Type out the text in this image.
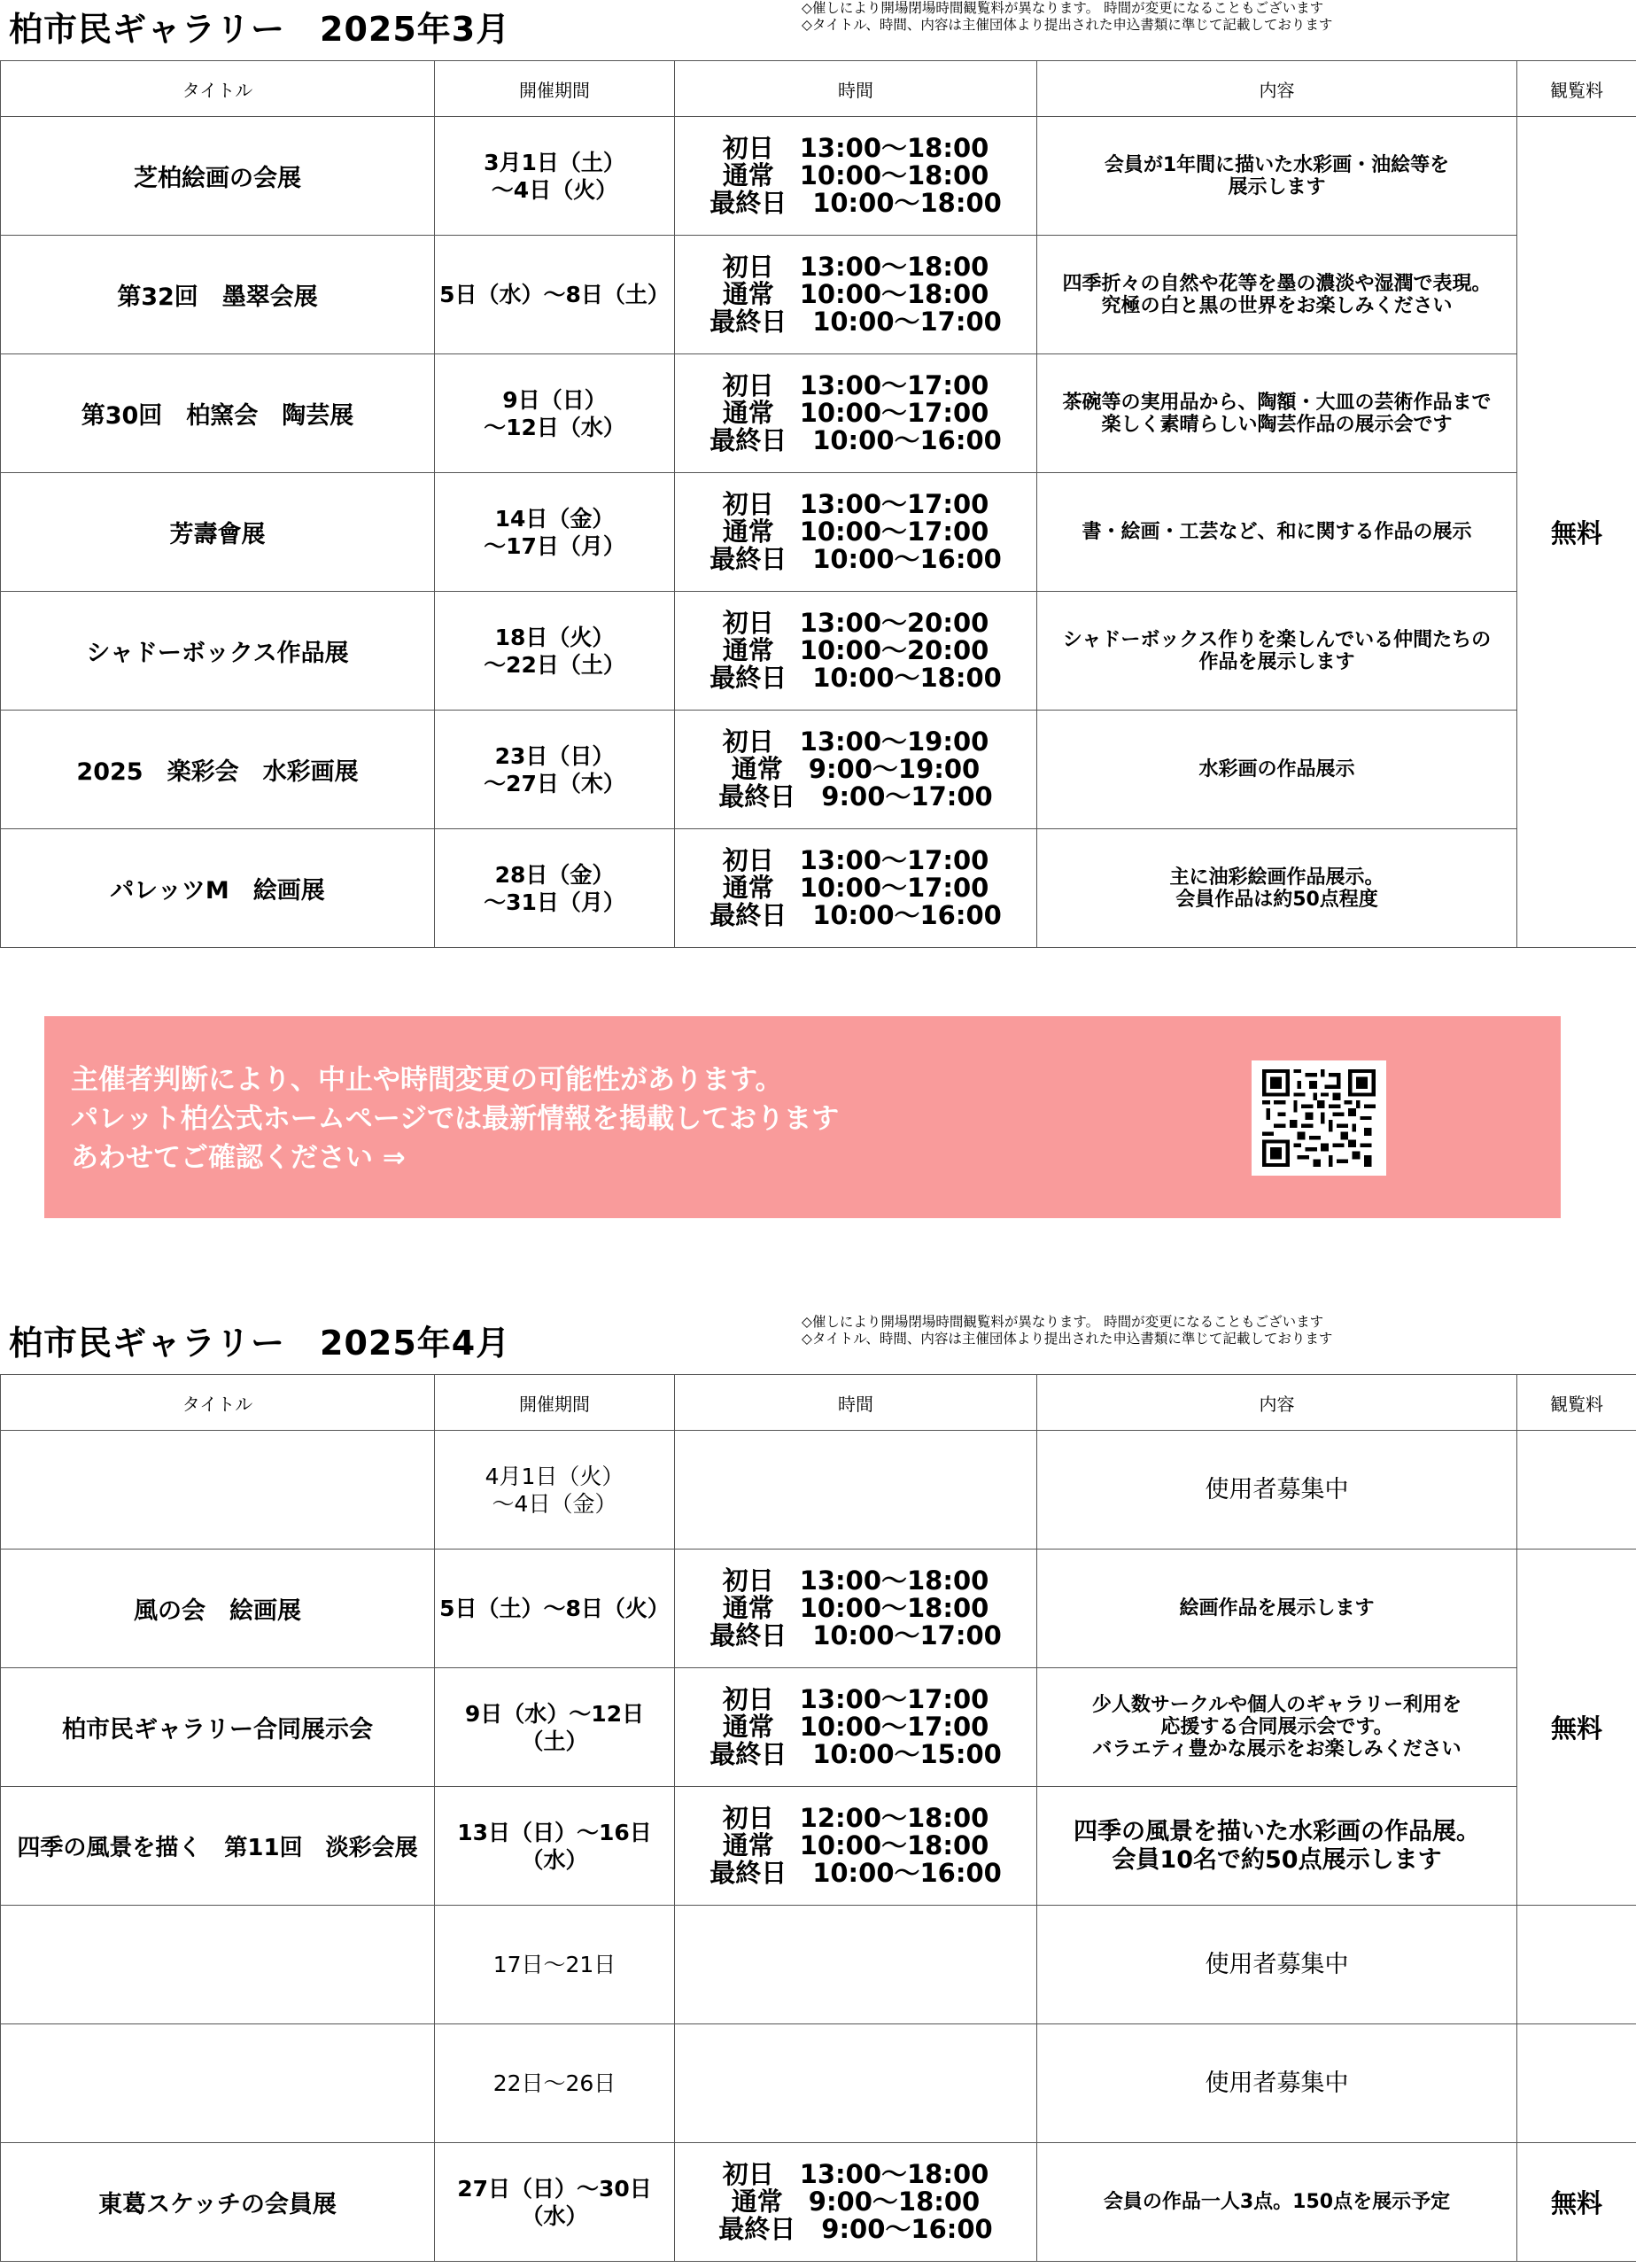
柏市民ギャラリー　2025年3月
◇催しにより開場閉場時間観覧料が異なります。 時間が変更になることもございます
◇タイトル、時間、内容は主催団体より提出された申込書類に準じて記載しております
タイトル	開催期間	時間	内容	観覧料
芝柏絵画の会展	3月1日（土）
～4日（火）	初日　13:00～18:00
通常　10:00～18:00
最終日　10:00～18:00	会員が1年間に描いた水彩画・油絵等を
展示します	無料
第32回　墨翠会展	5日（水）～8日（土）	初日　13:00～18:00
通常　10:00～18:00
最終日　10:00～17:00	四季折々の自然や花等を墨の濃淡や湿潤で表現。
究極の白と黒の世界をお楽しみください	

第30回　柏窯会　陶芸展	9日（日）
～12日（水）	初日　13:00～17:00
通常　10:00～17:00
最終日　10:00～16:00	茶碗等の実用品から、陶額・大皿の芸術作品まで
楽しく素晴らしい陶芸作品の展示会です	

芳壽會展	14日（金）
～17日（月）	初日　13:00～17:00
通常　10:00～17:00
最終日　10:00～16:00	書・絵画・工芸など、和に関する作品の展示	

シャドーボックス作品展	18日（火）
～22日（土）	初日　13:00～20:00
通常　10:00～20:00
最終日　10:00～18:00	シャドーボックス作りを楽しんでいる仲間たちの
作品を展示します	

2025　楽彩会　水彩画展	23日（日）
～27日（木）	初日　13:00～19:00
通常　9:00～19:00
最終日　9:00～17:00	水彩画の作品展示	

パレッツM　絵画展	28日（金）
～31日（月）	初日　13:00～17:00
通常　10:00～17:00
最終日　10:00～16:00	主に油彩絵画作品展示。
会員作品は約50点程度	
主催者判断により、中止や時間変更の可能性があります。
パレット柏公式ホームページでは最新情報を掲載しております
あわせてご確認ください ⇒
柏市民ギャラリー　2025年4月
◇催しにより開場閉場時間観覧料が異なります。 時間が変更になることもございます
◇タイトル、時間、内容は主催団体より提出された申込書類に準じて記載しております
タイトル	開催期間	時間	内容	観覧料

	4月1日（火）
～4日（金）		使用者募集中	

風の会　絵画展	5日（土）～8日（火）	初日　13:00～18:00
通常　10:00～18:00
最終日　10:00～17:00	絵画作品を展示します	無料
柏市民ギャラリー合同展示会	9日（水）～12日
（土）	初日　13:00～17:00
通常　10:00～17:00
最終日　10:00～15:00	少人数サークルや個人のギャラリー利用を
応援する合同展示会です。
バラエティ豊かな展示をお楽しみください	

四季の風景を描く　第11回　淡彩会展	13日（日）～16日
（水）	初日　12:00～18:00
通常　10:00～18:00
最終日　10:00～16:00	四季の風景を描いた水彩画の作品展。
会員10名で約50点展示します	

	17日～21日		使用者募集中	

	22日～26日		使用者募集中	

東葛スケッチの会員展	27日（日）～30日
（水）	初日　13:00～18:00
通常　9:00～18:00
最終日　9:00～16:00	会員の作品一人3点。150点を展示予定	無料
